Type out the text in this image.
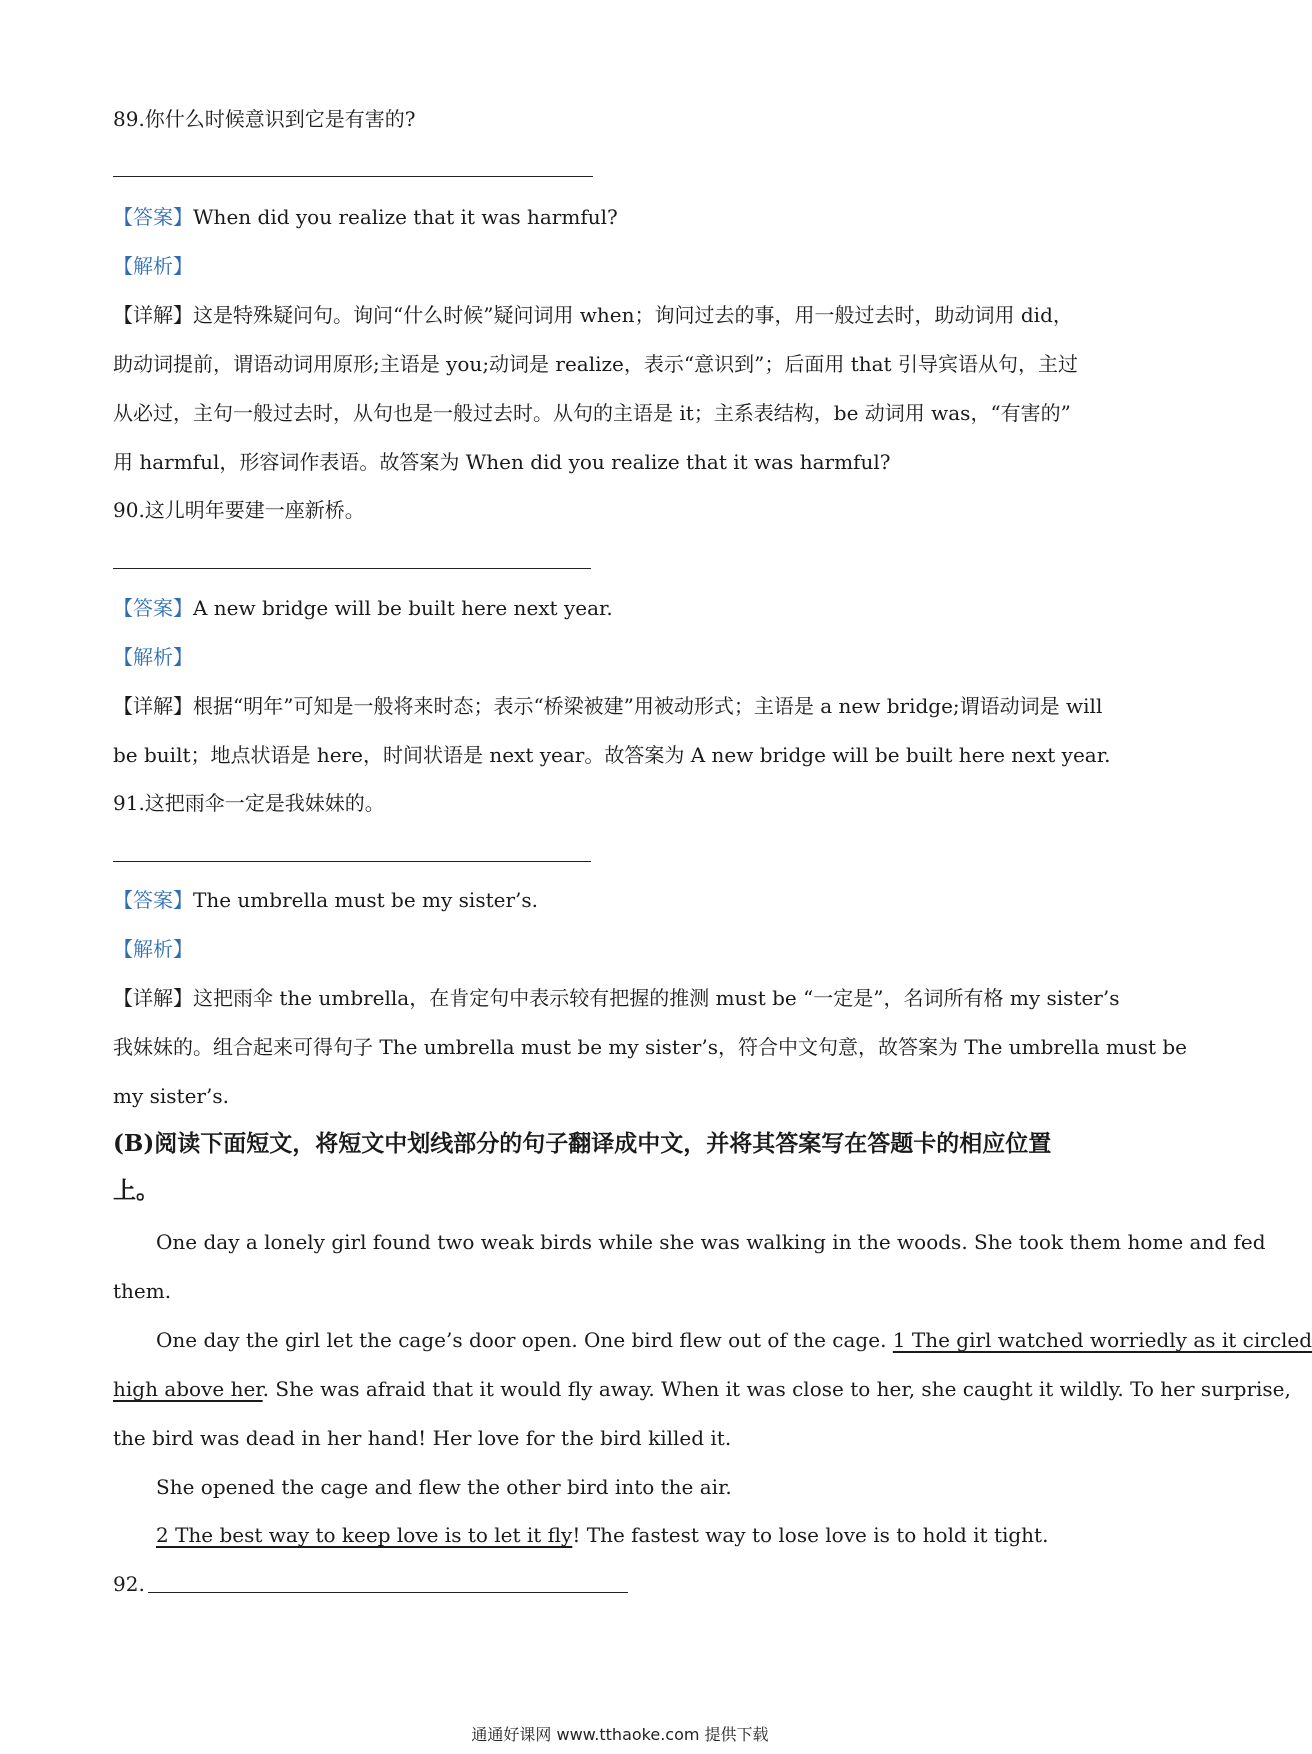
89.你什么时候意识到它是有害的?
【答案】When did you realize that it was harmful?
【解析】
【详解】这是特殊疑问句。询问“什么时候”疑问词用 when；询问过去的事，用一般过去时，助动词用 did，
助动词提前，谓语动词用原形;主语是 you;动词是 realize，表示“意识到”；后面用 that 引导宾语从句，主过
从必过，主句一般过去时，从句也是一般过去时。从句的主语是 it；主系表结构，be 动词用 was，“有害的”
用 harmful，形容词作表语。故答案为 When did you realize that it was harmful?
90.这儿明年要建一座新桥。
【答案】A new bridge will be built here next year.
【解析】
【详解】根据“明年”可知是一般将来时态；表示“桥梁被建”用被动形式；主语是 a new bridge;谓语动词是 will
be built；地点状语是 here，时间状语是 next year。故答案为 A new bridge will be built here next year.
91.这把雨伞一定是我妹妹的。
【答案】The umbrella must be my sister’s.
【解析】
【详解】这把雨伞 the umbrella，在肯定句中表示较有把握的推测 must be “一定是”，名词所有格 my sister’s
我妹妹的。组合起来可得句子 The umbrella must be my sister’s，符合中文句意，故答案为 The umbrella must be
my sister’s.
(B)阅读下面短文，将短文中划线部分的句子翻译成中文，并将其答案写在答题卡的相应位置
上。
One day a lonely girl found two weak birds while she was walking in the woods. She took them home and fed
them.
One day the girl let the cage’s door open. One bird flew out of the cage. 1 The girl watched worriedly as it circled
high above her. She was afraid that it would fly away. When it was close to her, she caught it wildly. To her surprise,
the bird was dead in her hand! Her love for the bird killed it.
She opened the cage and flew the other bird into the air.
2 The best way to keep love is to let it fly! The fastest way to lose love is to hold it tight.
92.
通通好课网 www.tthaoke.com 提供下载
